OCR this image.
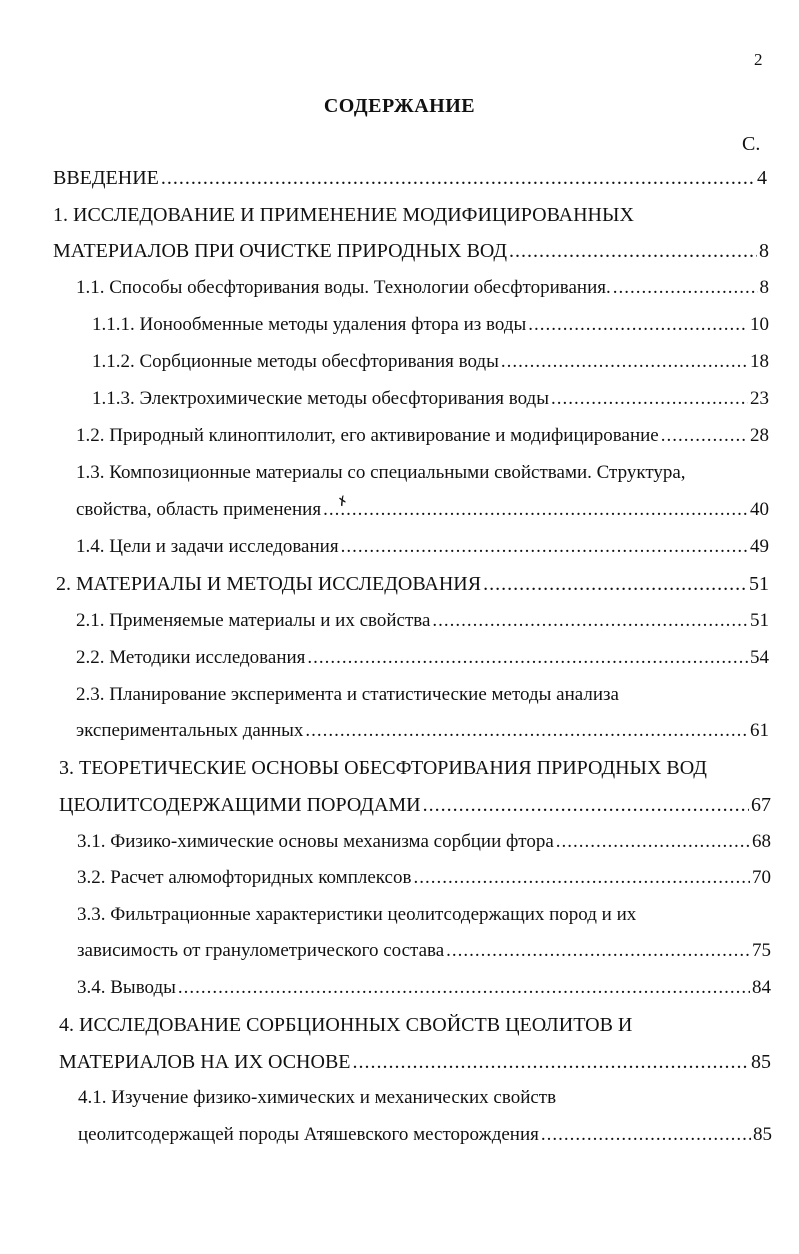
2
СОДЕРЖАНИЕ
С.
ВВЕДЕНИЕ .....	4
1. ИССЛЕДОВАНИЕ И ПРИМЕНЕНИЕ МОДИФИЦИРОВАННЫХ
МАТЕРИАЛОВ ПРИ ОЧИСТКЕ ПРИРОДНЫХ ВОД .....	8
1.1. Способы обесфторивания воды. Технологии обесфторивания. .....	8
1.1.1. Ионообменные методы удаления фтора из воды .....	10
1.1.2. Сорбционные методы обесфторивания воды .....	18
1.1.3. Электрохимические методы обесфторивания воды .....	23
1.2. Природный клиноптилолит, его активирование и модифицирование .....	28
1.3. Композиционные материалы со специальными свойствами. Структура,
свойства, область применения .....	40
✗
1.4. Цели и задачи исследования .....	49
2. МАТЕРИАЛЫ И МЕТОДЫ ИССЛЕДОВАНИЯ .....	51
2.1. Применяемые материалы и их свойства .....	51
2.2. Методики исследования .....	54
2.3. Планирование эксперимента и статистические методы анализа
экспериментальных данных .....	61
3. ТЕОРЕТИЧЕСКИЕ ОСНОВЫ ОБЕСФТОРИВАНИЯ ПРИРОДНЫХ ВОД
ЦЕОЛИТСОДЕРЖАЩИМИ ПОРОДАМИ .....	67
3.1. Физико-химические основы механизма сорбции фтора .....	68
3.2. Расчет алюмофторидных комплексов .....	70
3.3. Фильтрационные характеристики цеолитсодержащих пород и их
зависимость от гранулометрического состава .....	75
3.4. Выводы .....	84
4. ИССЛЕДОВАНИЕ СОРБЦИОННЫХ СВОЙСТВ ЦЕОЛИТОВ И
МАТЕРИАЛОВ НА ИХ ОСНОВЕ .....	85
4.1. Изучение физико-химических и механических свойств
цеолитсодержащей породы Атяшевского месторождения .....	85
